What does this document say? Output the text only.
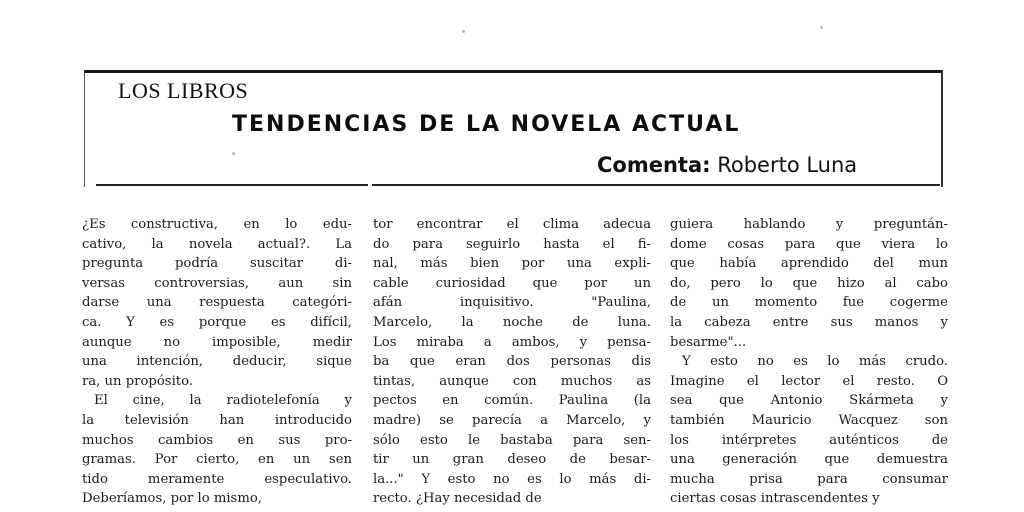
LOS LIBROS
TENDENCIAS DE LA NOVELA ACTUAL
Comenta: Roberto Luna

¿Es constructiva, en lo edu-

cativo, la novela actual?. La

pregunta podría suscitar di-

versas controversias, aun sin

darse una respuesta categóri-

ca. Y es porque es difícil,

aunque no imposible, medir

una intención, deducir, sique

ra, un propósito.

El cine, la radiotelefonía y

la televisión han introducido

muchos cambios en sus pro-

gramas. Por cierto, en un sen

tido meramente especulativo.

Deberíamos, por lo mismo,

tor encontrar el clima adecua

do para seguirlo hasta el fi-

nal, más bien por una expli-

cable curiosidad que por un

afán inquisitivo. "Paulina,

Marcelo, la noche de luna.

Los miraba a ambos, y pensa-

ba que eran dos personas dis

tintas, aunque con muchos as

pectos en común. Paulina (la

madre) se parecía a Marcelo, y

sólo esto le bastaba para sen-

tir un gran deseo de besar-

la..." Y esto no es lo más di-

recto. ¿Hay necesidad de

guiera hablando y preguntán-

dome cosas para que viera lo

que había aprendido del mun

do, pero lo que hizo al cabo

de un momento fue cogerme

la cabeza entre sus manos y

besarme"...

Y esto no es lo más crudo.

Imagine el lector el resto. O

sea que Antonio Skármeta y

también Mauricio Wacquez son

los intérpretes auténticos de

una generación que demuestra

mucha prisa para consumar

ciertas cosas intrascendentes y
